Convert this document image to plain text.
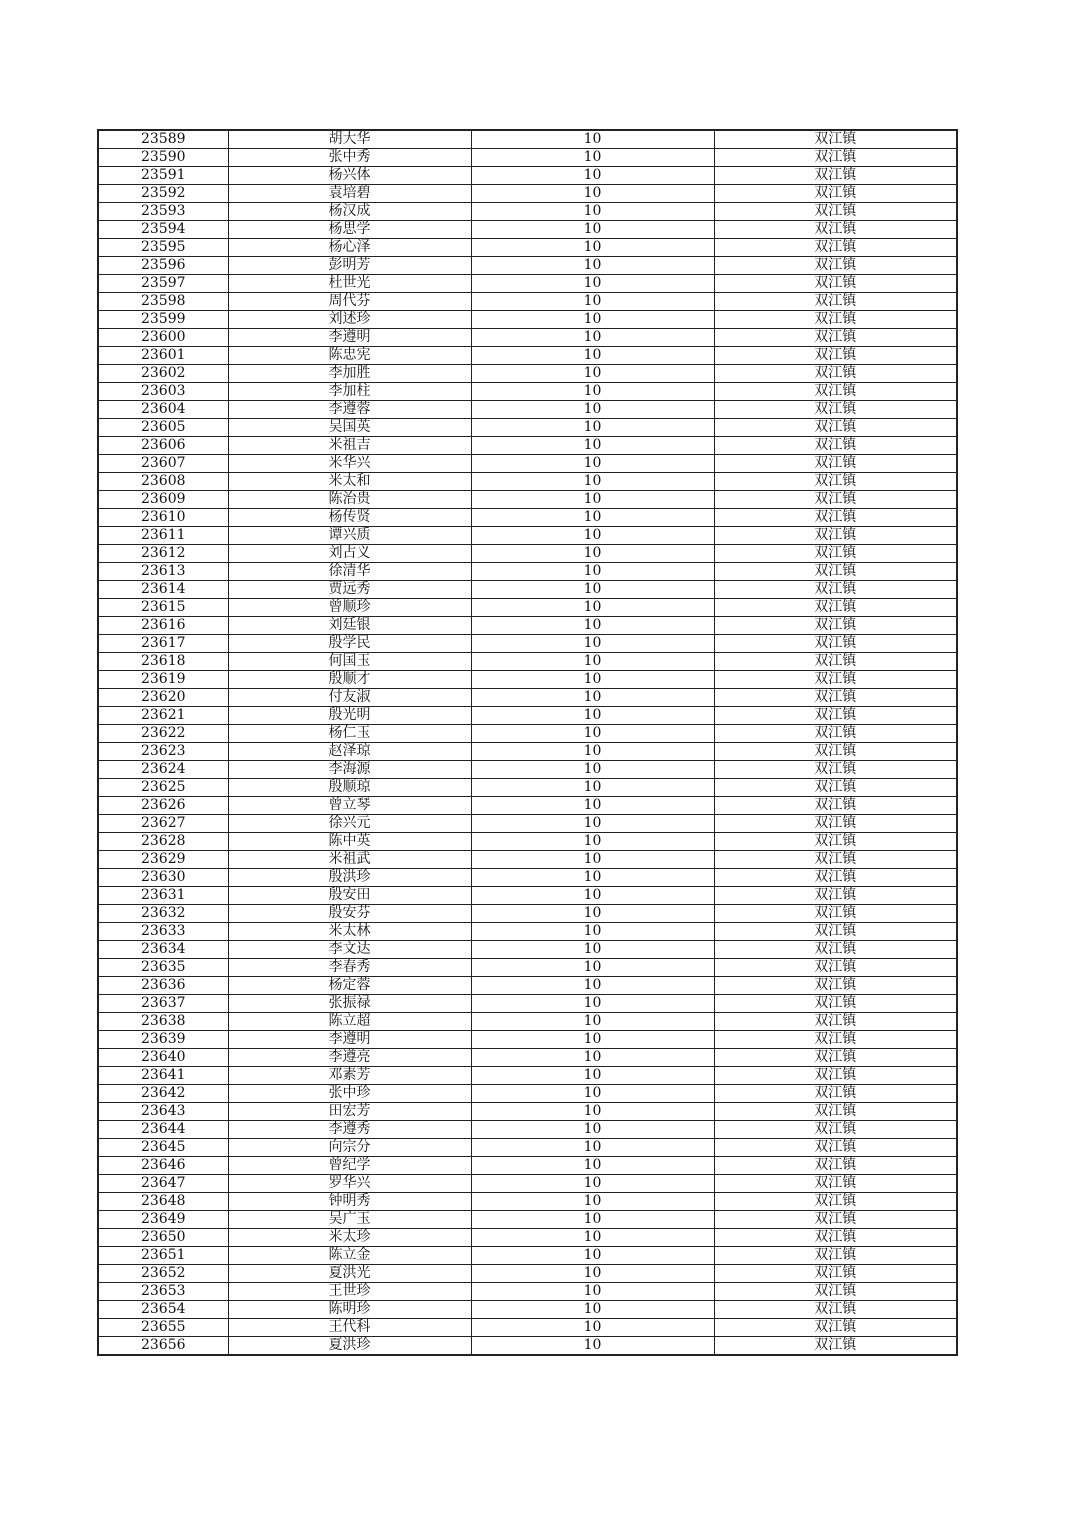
23589	胡大华	10	双江镇
23590	张中秀	10	双江镇
23591	杨兴体	10	双江镇
23592	袁培碧	10	双江镇
23593	杨汉成	10	双江镇
23594	杨思学	10	双江镇
23595	杨心泽	10	双江镇
23596	彭明芳	10	双江镇
23597	杜世光	10	双江镇
23598	周代芬	10	双江镇
23599	刘述珍	10	双江镇
23600	李遵明	10	双江镇
23601	陈忠宪	10	双江镇
23602	李加胜	10	双江镇
23603	李加柱	10	双江镇
23604	李遵蓉	10	双江镇
23605	吴国英	10	双江镇
23606	米祖吉	10	双江镇
23607	米华兴	10	双江镇
23608	米太和	10	双江镇
23609	陈治贵	10	双江镇
23610	杨传贤	10	双江镇
23611	谭兴质	10	双江镇
23612	刘占义	10	双江镇
23613	徐清华	10	双江镇
23614	贾远秀	10	双江镇
23615	曾顺珍	10	双江镇
23616	刘廷银	10	双江镇
23617	殷学民	10	双江镇
23618	何国玉	10	双江镇
23619	殷顺才	10	双江镇
23620	付友淑	10	双江镇
23621	殷光明	10	双江镇
23622	杨仁玉	10	双江镇
23623	赵泽琼	10	双江镇
23624	李海源	10	双江镇
23625	殷顺琼	10	双江镇
23626	曾立琴	10	双江镇
23627	徐兴元	10	双江镇
23628	陈中英	10	双江镇
23629	米祖武	10	双江镇
23630	殷洪珍	10	双江镇
23631	殷安田	10	双江镇
23632	殷安芬	10	双江镇
23633	米太林	10	双江镇
23634	李文达	10	双江镇
23635	李春秀	10	双江镇
23636	杨定蓉	10	双江镇
23637	张振禄	10	双江镇
23638	陈立超	10	双江镇
23639	李遵明	10	双江镇
23640	李遵亮	10	双江镇
23641	邓素芳	10	双江镇
23642	张中珍	10	双江镇
23643	田宏芳	10	双江镇
23644	李遵秀	10	双江镇
23645	向宗分	10	双江镇
23646	曾纪学	10	双江镇
23647	罗华兴	10	双江镇
23648	钟明秀	10	双江镇
23649	吴广玉	10	双江镇
23650	米太珍	10	双江镇
23651	陈立金	10	双江镇
23652	夏洪光	10	双江镇
23653	王世珍	10	双江镇
23654	陈明珍	10	双江镇
23655	王代科	10	双江镇
23656	夏洪珍	10	双江镇
